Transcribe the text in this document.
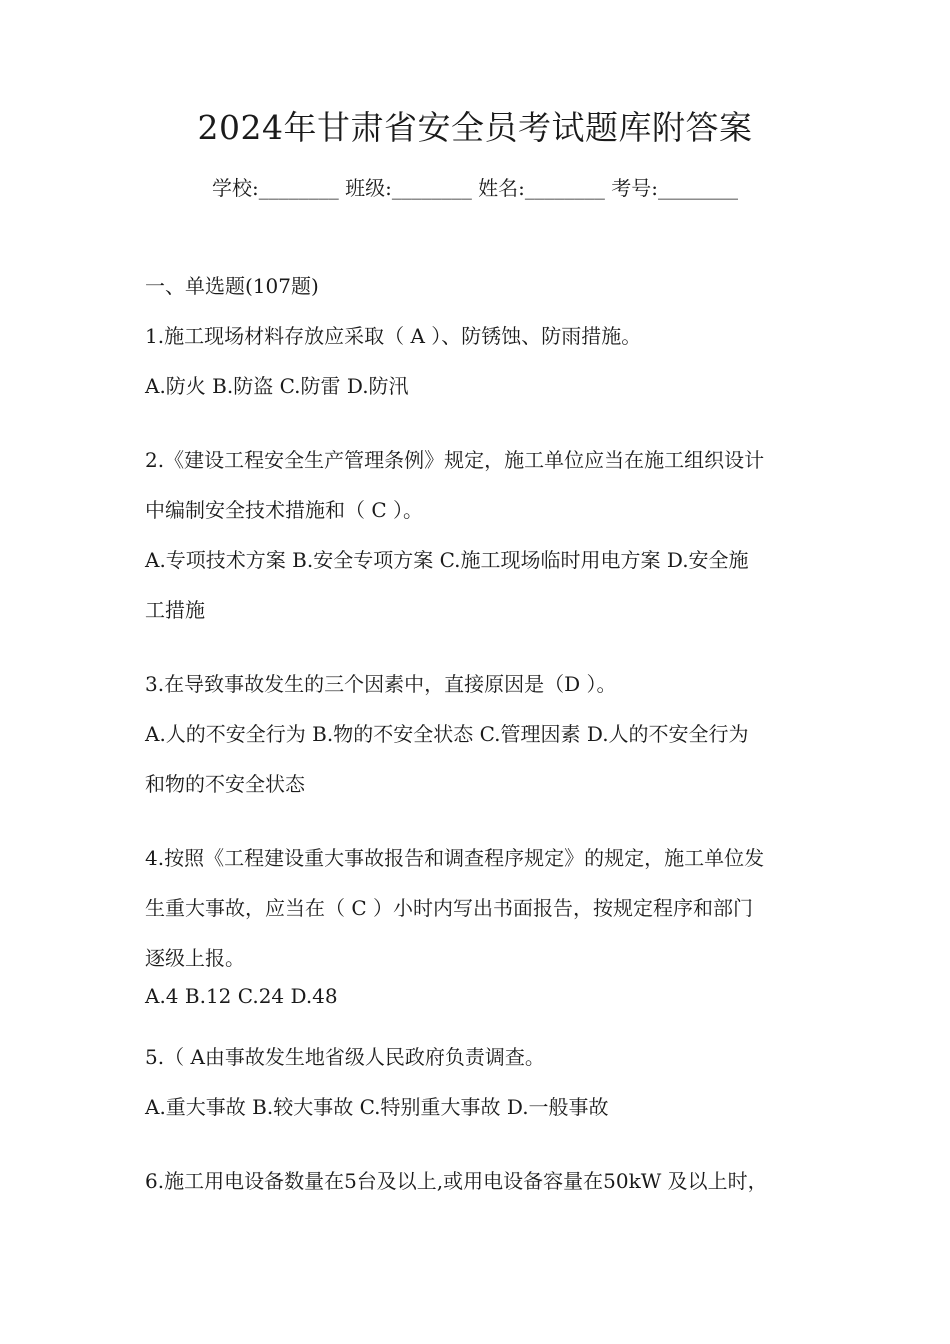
2024年甘肃省安全员考试题库附答案
学校:________ 班级:________ 姓名:________ 考号:________
一、单选题(107题)
1.施工现场材料存放应采取（ A ）、防锈蚀、防雨措施。
A.防火 B.防盗 C.防雷 D.防汛
2.《建设工程安全生产管理条例》规定，施工单位应当在施工组织设计
中编制安全技术措施和（ C ）。
A.专项技术方案 B.安全专项方案 C.施工现场临时用电方案 D.安全施
工措施
3.在导致事故发生的三个因素中，直接原因是（D ）。
A.人的不安全行为 B.物的不安全状态 C.管理因素 D.人的不安全行为
和物的不安全状态
4.按照《工程建设重大事故报告和调查程序规定》的规定，施工单位发
生重大事故，应当在（ C ）小时内写出书面报告，按规定程序和部门
逐级上报。
A.4 B.12 C.24 D.48
5.（ A由事故发生地省级人民政府负责调查。
A.重大事故 B.较大事故 C.特别重大事故 D.一般事故
6.施工用电设备数量在5台及以上,或用电设备容量在50kW 及以上时，
